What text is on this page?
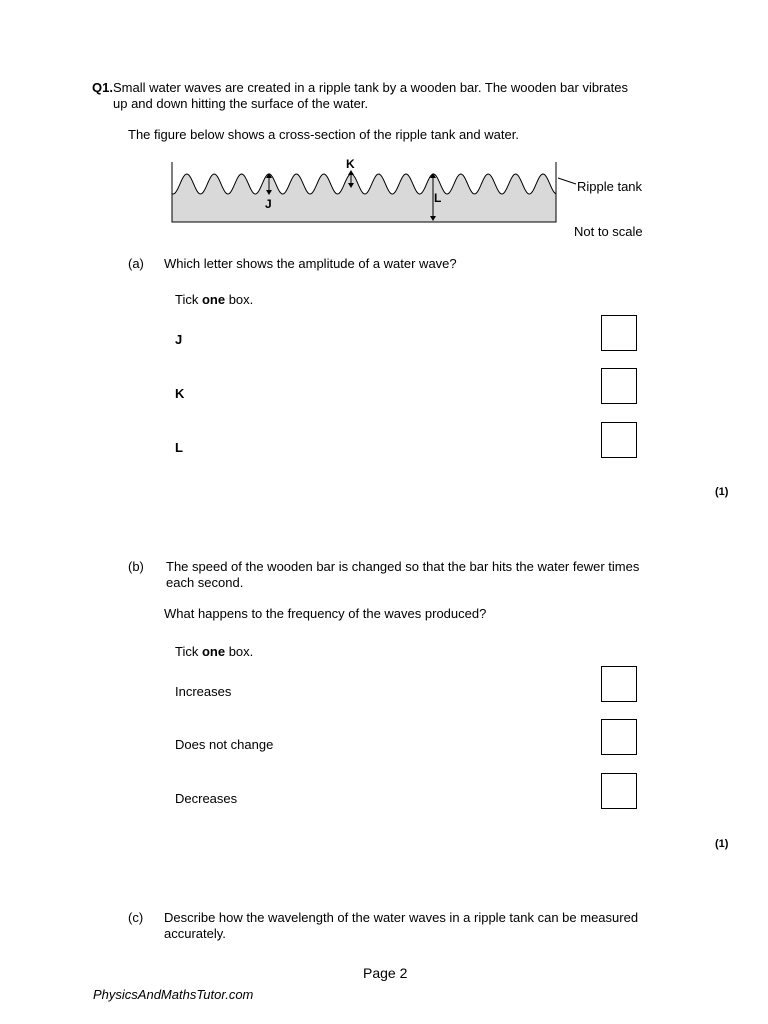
Q1.Small water waves are created in a ripple tank by a wooden bar. The wooden bar vibrates
up and down hitting the surface of the water.
The figure below shows a cross-section of the ripple tank and water.
K
J	L
Ripple tank
Not to scale
(a) Which letter shows the amplitude of a water wave?
Tick one box.
J
K
L
(1)
(b) The speed of the wooden bar is changed so that the bar hits the water fewer times
each second.
What happens to the frequency of the waves produced?
Tick one box.
Increases
Does not change
Decreases
(1)
(c) Describe how the wavelength of the water waves in a ripple tank can be measured
accurately.
Page 2
PhysicsAndMathsTutor.com
